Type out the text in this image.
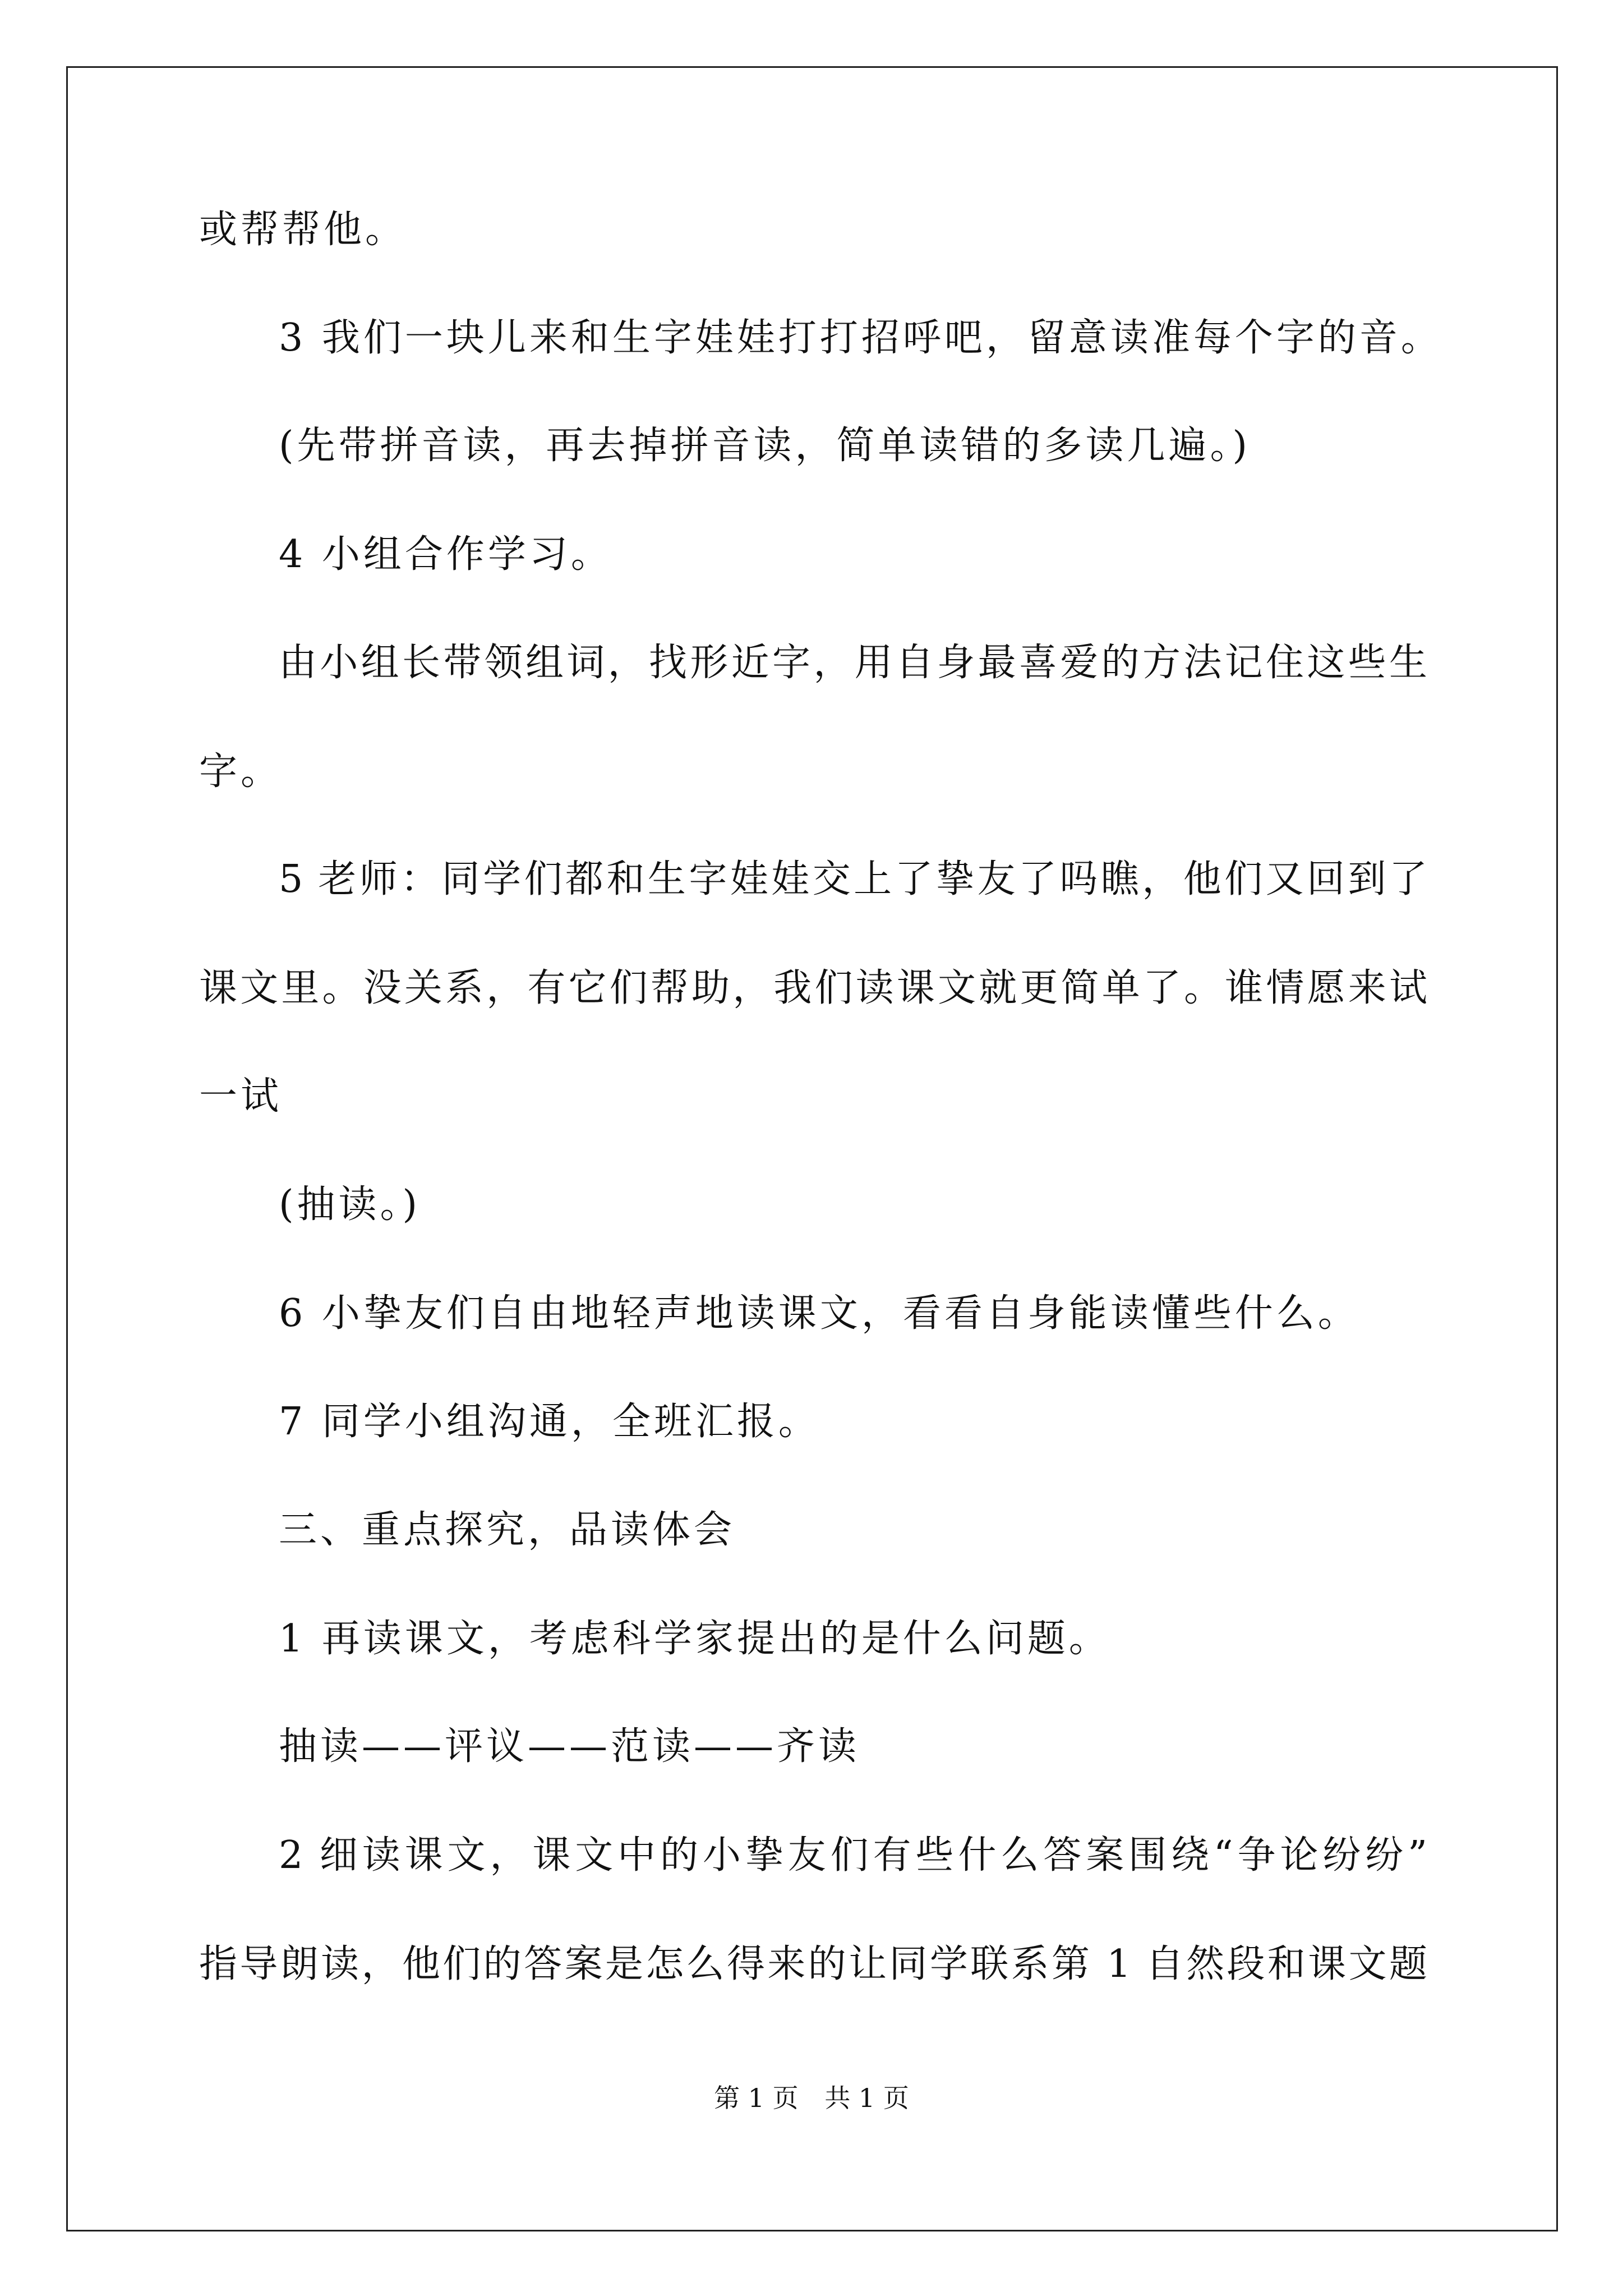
或帮帮他。
3 我们一块儿来和生字娃娃打打招呼吧，留意读准每个字的音。
(先带拼音读，再去掉拼音读，简单读错的多读几遍。)
4 小组合作学习。
由小组长带领组词，找形近字，用自身最喜爱的方法记住这些生
字。
5 老师：同学们都和生字娃娃交上了挚友了吗瞧，他们又回到了
课文里。没关系，有它们帮助，我们读课文就更简单了。谁情愿来试
一试
(抽读。)
6 小挚友们自由地轻声地读课文，看看自身能读懂些什么。
7 同学小组沟通，全班汇报。
三、重点探究，品读体会
1 再读课文，考虑科学家提出的是什么问题。
抽读——评议——范读——齐读
2 细读课文，课文中的小挚友们有些什么答案围绕“争论纷纷”
指导朗读，他们的答案是怎么得来的让同学联系第 1 自然段和课文题
第 1 页 共 1 页
